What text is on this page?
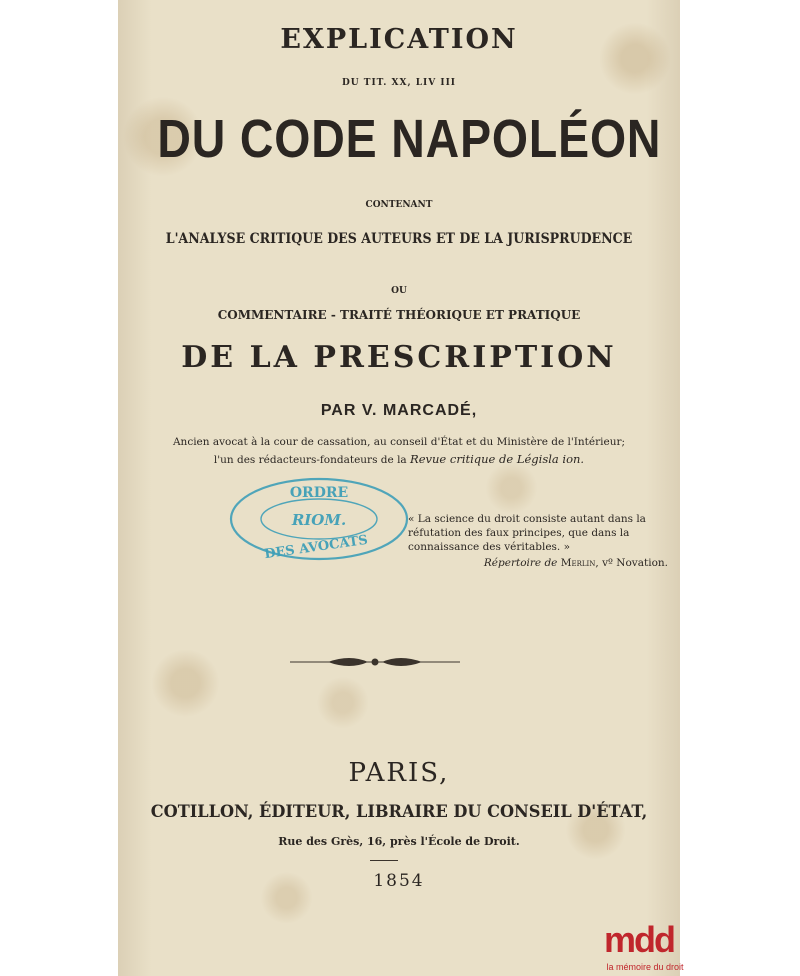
EXPLICATION
DU TIT. XX, LIV III
DU CODE NAPOLÉON
CONTENANT
L'ANALYSE CRITIQUE DES AUTEURS ET DE LA JURISPRUDENCE
OU
COMMENTAIRE - TRAITÉ THÉORIQUE ET PRATIQUE
DE LA PRESCRIPTION
PAR V. MARCADÉ,
Ancien avocat à la cour de cassation, au conseil d'État et du Ministère de l'Intérieur;
l'un des rédacteurs-fondateurs de la Revue critique de Législa ion.
ORDRE
RIOM.
DES AVOCATS
« La science du droit consiste autant dans la
réfutation des faux principes, que dans la
connaissance des véritables. »
Répertoire de Merlin, vº Novation.
PARIS,
COTILLON, ÉDITEUR, LIBRAIRE DU CONSEIL D'ÉTAT,
Rue des Grès, 16, près l'École de Droit.
1854
mdd
la mémoire du droit
